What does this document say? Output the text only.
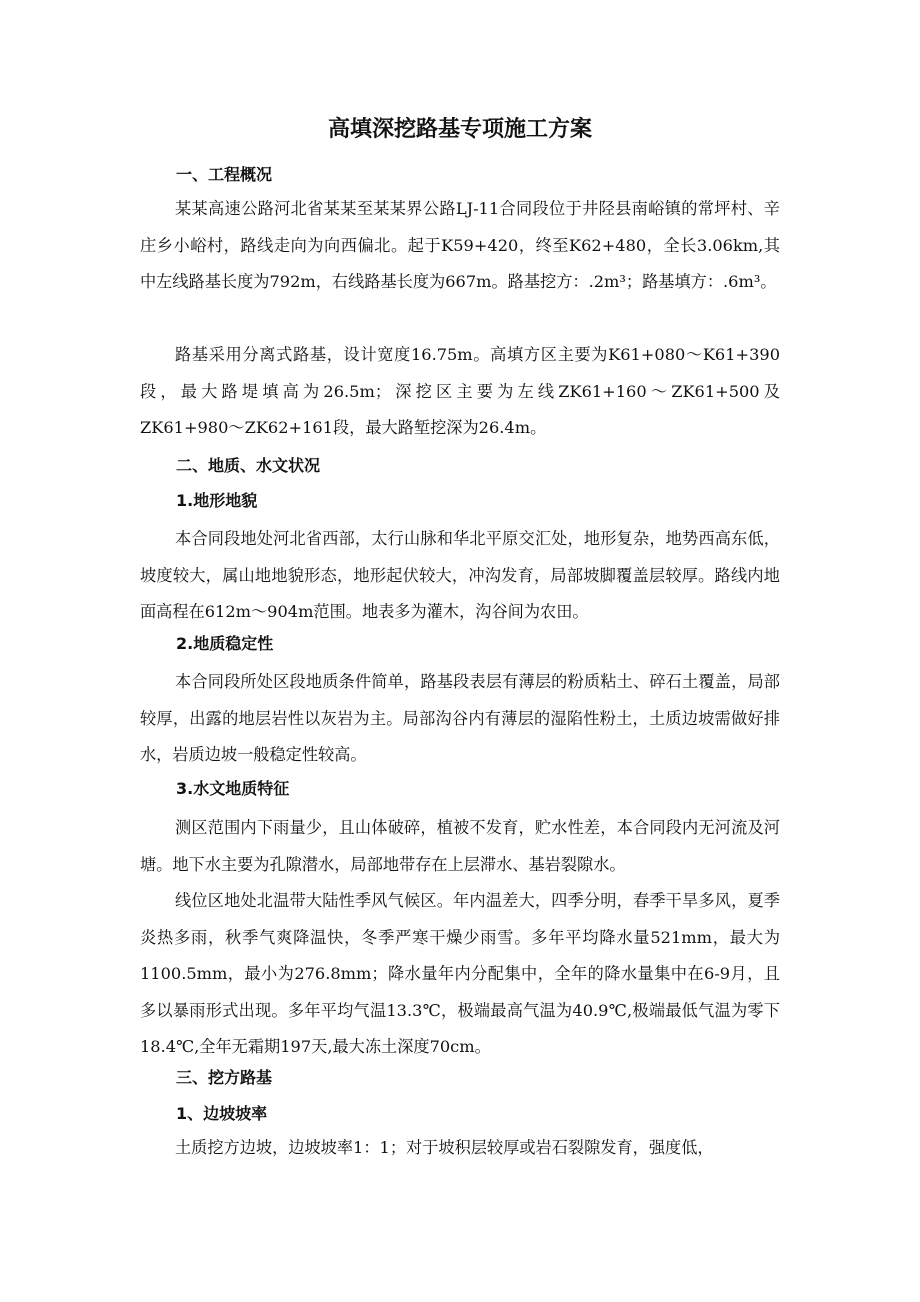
高填深挖路基专项施工方案
一、工程概况

某某高速公路河北省某某至某某界公路LJ-11合同段位于井陉县南峪镇的常坪村、辛庄乡小峪村，路线走向为向西偏北。起于K59+420，终至K62+480，全长3.06km,其中左线路基长度为792m，右线路基长度为667m。路基挖方：.2m³；路基填方：.6m³。

路基采用分离式路基，设计宽度16.75m。高填方区主要为K61+080～K61+390段，最大路堤填高为26.5m；深挖区主要为左线ZK61+160～ZK61+500及ZK61+980～ZK62+161段，最大路堑挖深为26.4m。

二、地质、水文状况
1.地形地貌

本合同段地处河北省西部，太行山脉和华北平原交汇处，地形复杂，地势西高东低，坡度较大，属山地地貌形态，地形起伏较大，冲沟发育，局部坡脚覆盖层较厚。路线内地面高程在612m～904m范围。地表多为灌木，沟谷间为农田。

2.地质稳定性

本合同段所处区段地质条件简单，路基段表层有薄层的粉质粘土、碎石土覆盖，局部较厚，出露的地层岩性以灰岩为主。局部沟谷内有薄层的湿陷性粉土，土质边坡需做好排水，岩质边坡一般稳定性较高。

3.水文地质特征

测区范围内下雨量少，且山体破碎，植被不发育，贮水性差，本合同段内无河流及河塘。地下水主要为孔隙潜水，局部地带存在上层滞水、基岩裂隙水。

线位区地处北温带大陆性季风气候区。年内温差大，四季分明，春季干旱多风，夏季炎热多雨，秋季气爽降温快，冬季严寒干燥少雨雪。多年平均降水量521mm，最大为1100.5mm，最小为276.8mm；降水量年内分配集中，全年的降水量集中在6-9月，且多以暴雨形式出现。多年平均气温13.3℃，极端最高气温为40.9℃,极端最低气温为零下18.4℃,全年无霜期197天,最大冻土深度70cm。

三、挖方路基
1、边坡坡率

土质挖方边坡，边坡坡率1：1；对于坡积层较厚或岩石裂隙发育，强度低，
